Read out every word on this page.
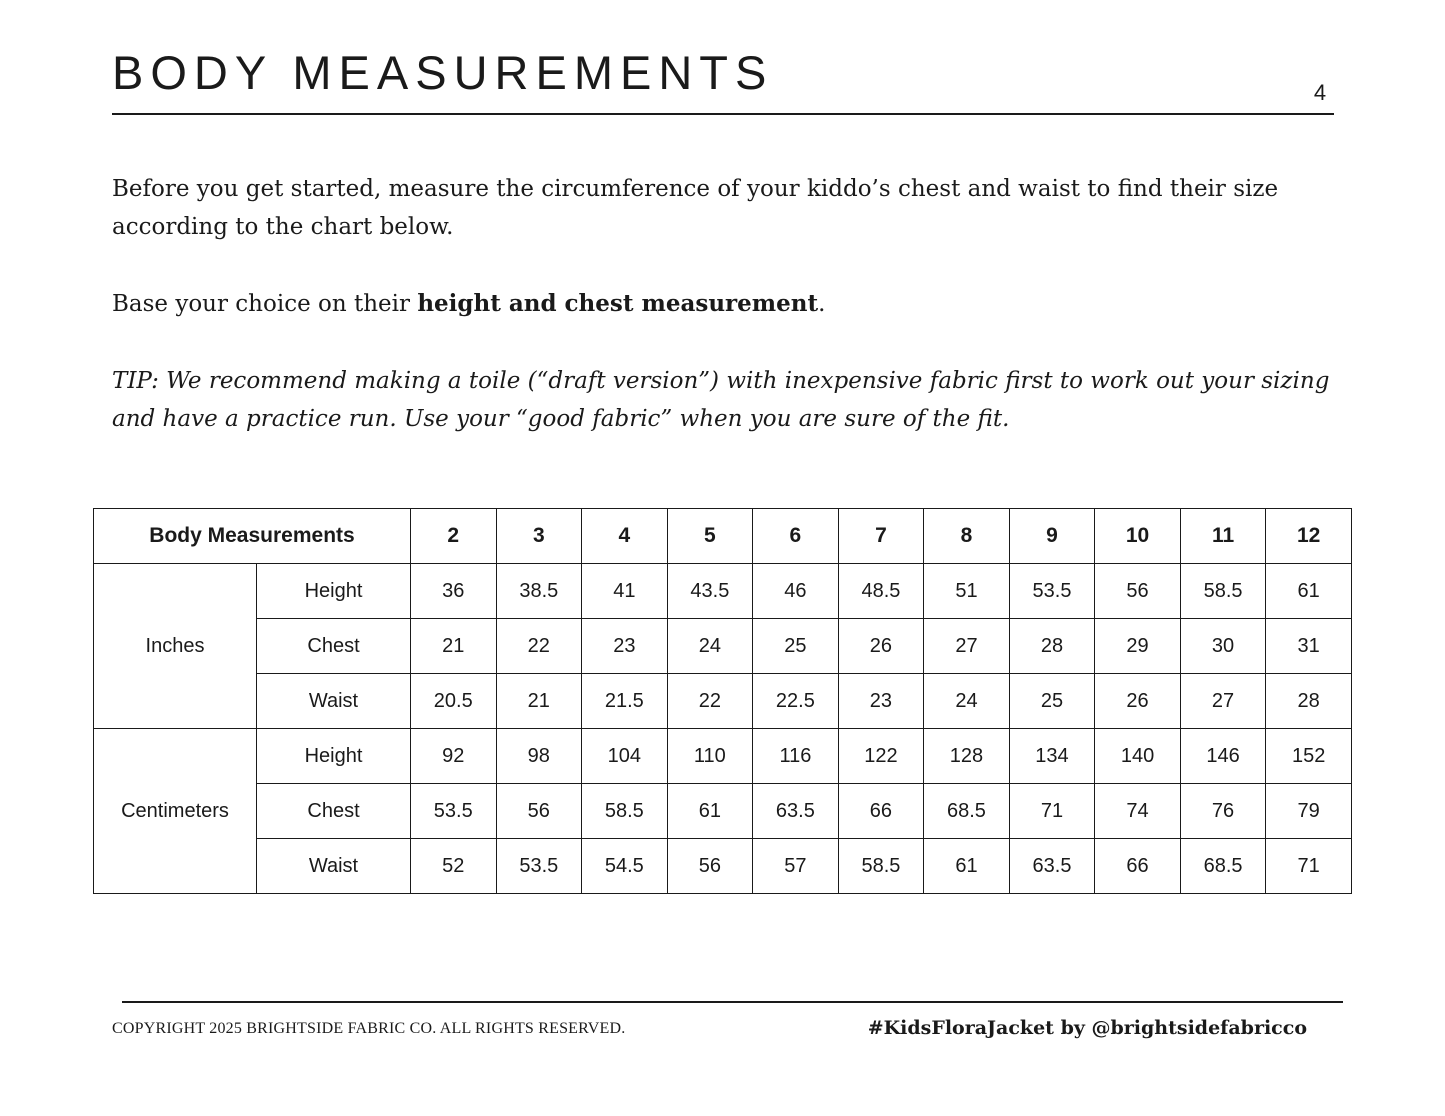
BODY MEASUREMENTS	4

Before you get started, measure the circumference of your kiddo’s chest and waist to find their size according to the chart below.

Base your choice on their height and chest measurement.

TIP: We recommend making a toile (“draft version”) with inexpensive fabric first to work out your sizing and have a practice run. Use your “good fabric” when you are sure of the fit.

Body Measurements		2	3	4	5	6	7	8	9	10	11	12
Inches	Height	36	38.5	41	43.5	46	48.5	51	53.5	56	58.5	61
	Chest	21	22	23	24	25	26	27	28	29	30	31
	Waist	20.5	21	21.5	22	22.5	23	24	25	26	27	28
Centimeters	Height	92	98	104	110	116	122	128	134	140	146	152
	Chest	53.5	56	58.5	61	63.5	66	68.5	71	74	76	79
	Waist	52	53.5	54.5	56	57	58.5	61	63.5	66	68.5	71
COPYRIGHT 2025 BRIGHTSIDE FABRIC CO. ALL RIGHTS RESERVED.	#KidsFloraJacket by @brightsidefabricco
